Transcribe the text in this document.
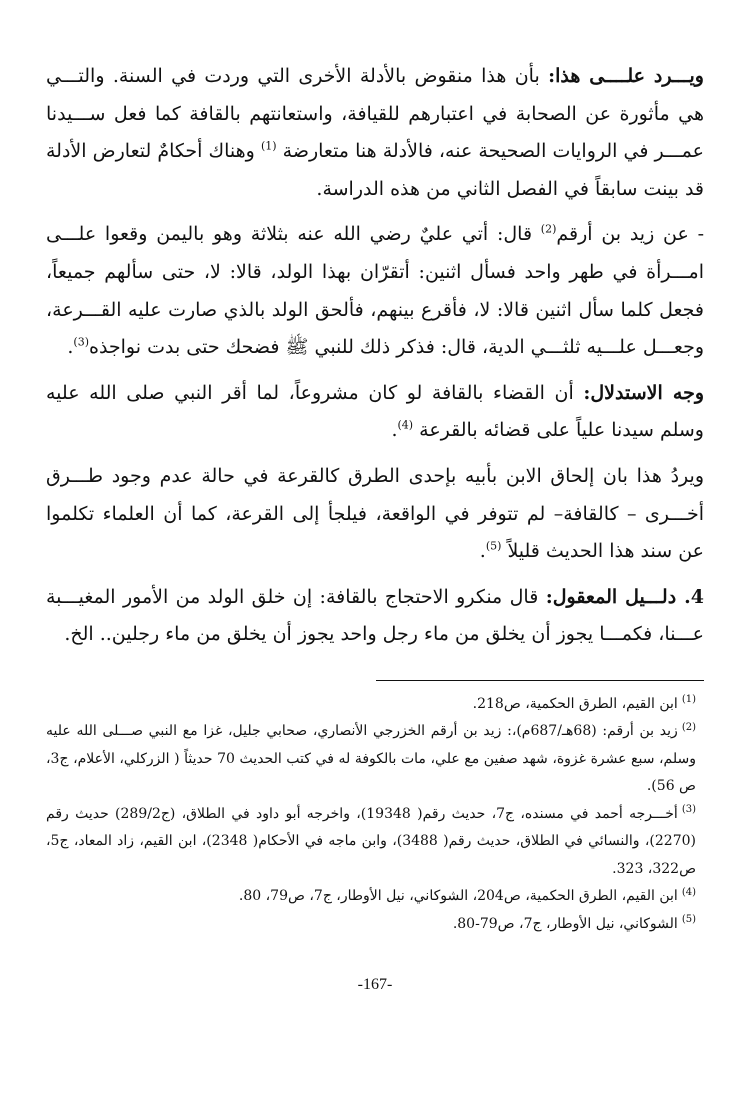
ويـــرد علــــى هذا: بأن هذا منقوض بالأدلة الأخرى التي وردت في السنة. والتـــي هي مأثورة عن الصحابة في اعتبارهم للقيافة، واستعانتهم بالقافة كما فعل ســـيدنا عمـــر في الروايات الصحيحة عنه، فالأدلة هنا متعارضة $^{(1)}$ وهناك أحكامٌ لتعارض الأدلة قد بينت سابقاً في الفصل الثاني من هذه الدراسة.

- عن زيد بن أرقم$^{(2)}$ قال: أتي عليٌ رضي الله عنه بثلاثة وهو باليمن وقعوا علـــى امـــرأة في طهر واحد فسأل اثنين: أتقرّان بهذا الولد، قالا: لا، حتى سألهم جميعاً، فجعل كلما سأل اثنين قالا: لا، فأقرع بينهم، فألحق الولد بالذي صارت عليه القـــرعة، وجعـــل علـــيه ثلثـــي الدية، قال: فذكر ذلك للنبي ﷺ فضحك حتى بدت نواجذه$^{(3)}$.

وجه الاستدلال: أن القضاء بالقافة لو كان مشروعاً، لما أقر النبي صلى الله عليه وسلم سيدنا علياً على قضائه بالقرعة $^{(4)}$.

ويردُ هذا بان إلحاق الابن بأبيه بإحدى الطرق كالقرعة في حالة عدم وجود طـــرق أخـــرى – كالقافة– لم تتوفر في الواقعة، فيلجأ إلى القرعة، كما أن العلماء تكلموا عن سند هذا الحديث قليلاً $^{(5)}$.

4. دلـــيل المعقول: قال منكرو الاحتجاج بالقافة: إن خلق الولد من الأمور المغيـــبة عـــنا، فكمـــا يجوز أن يخلق من ماء رجل واحد يجوز أن يخلق من ماء رجلين.. الخ.

$^{(1)}$ابن القيم، الطرق الحكمية، ص218.

$^{(2)}$زيد بن أرقم: (68هـ/687م)،: زيد بن أرقم الخزرجي الأنصاري، صحابي جليل، غزا مع النبي صـــلى الله عليه وسلم، سبع عشرة غزوة، شهد صفين مع علي، مات بالكوفة له في كتب الحديث 70 حديثاً ( الزركلي، الأعلام، ج3، ص 56).

$^{(3)}$أخـــرجه أحمد في مسنده، ج7، حديث رقم( 19348)، واخرجه أبو داود في الطلاق، (ج289/2) حديث رقم (2270)، والنسائي في الطلاق، حديث رقم( 3488)، وابن ماجه في الأحكام( 2348)، ابن القيم، زاد المعاد، ج5، ص322، 323.

$^{(4)}$ابن القيم، الطرق الحكمية، ص204، الشوكاني، نيل الأوطار، ج7، ص79، 80.

$^{(5)}$الشوكاني، نيل الأوطار، ج7، ص79-80.

-167-
